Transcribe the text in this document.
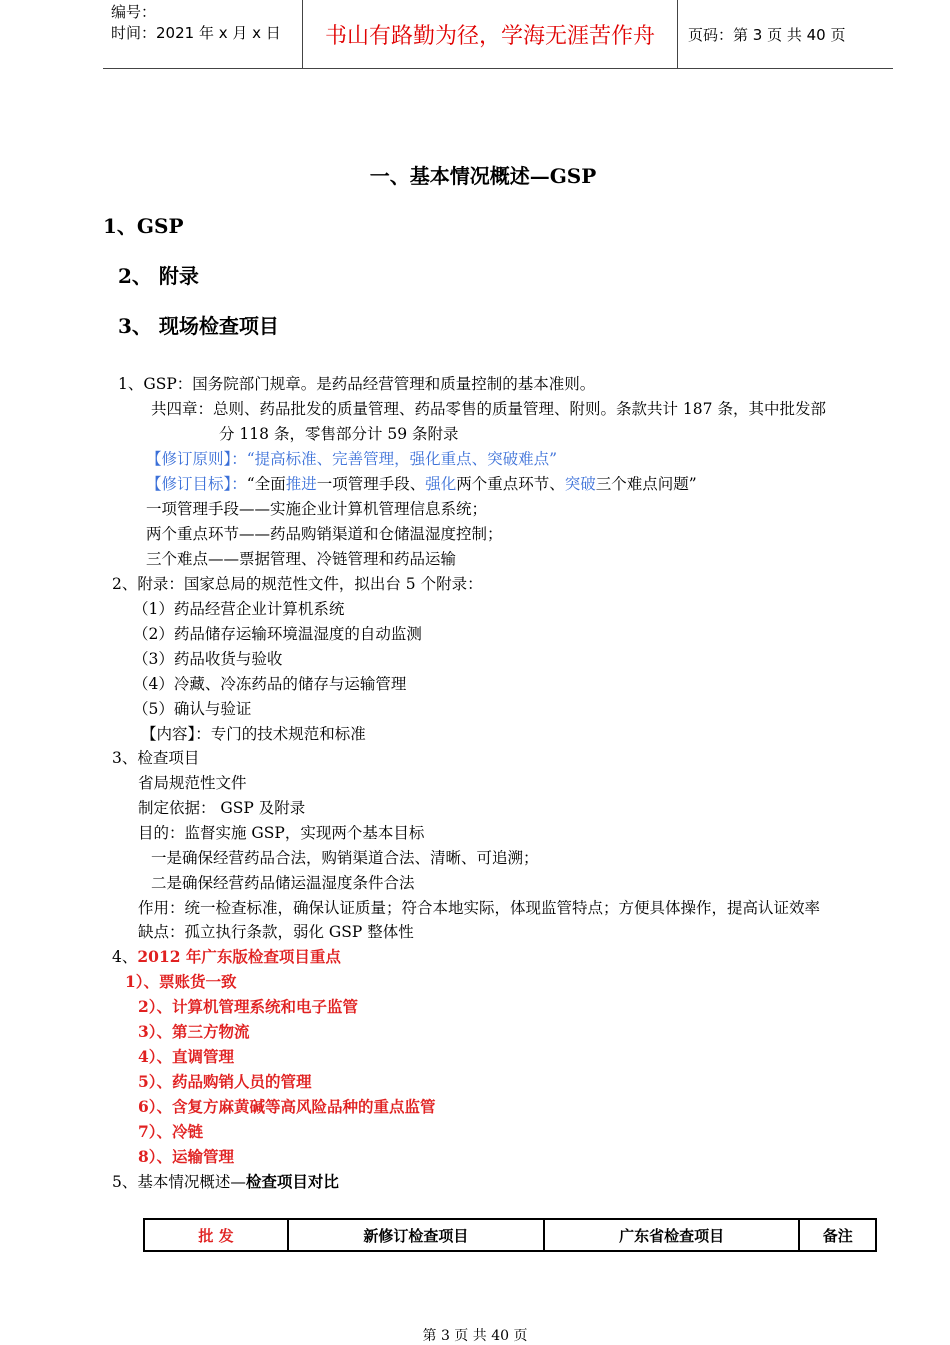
编号：
时间：2021 年 x 月 x 日	书山有路勤为径，学海无涯苦作舟	页码：第 3 页 共 40 页
一、基本情况概述—GSP
1、GSP
2、 附录
3、 现场检查项目
1、GSP：国务院部门规章。是药品经营管理和质量控制的基本准则。
共四章：总则、药品批发的质量管理、药品零售的质量管理、附则。条款共计 187 条，其中批发部
分 118 条，零售部分计 59 条附录
【修订原则】：“提高标准、完善管理，强化重点、突破难点”
【修订目标】：“全面推进一项管理手段、强化两个重点环节、突破三个难点问题”
一项管理手段——实施企业计算机管理信息系统；
两个重点环节——药品购销渠道和仓储温湿度控制；
三个难点——票据管理、冷链管理和药品运输
2、附录：国家总局的规范性文件，拟出台 5 个附录：
（1）药品经营企业计算机系统
（2）药品储存运输环境温湿度的自动监测
（3）药品收货与验收
（4）冷藏、冷冻药品的储存与运输管理
（5）确认与验证
【内容】：专门的技术规范和标准
3、检查项目
省局规范性文件
制定依据： GSP 及附录
目的：监督实施 GSP，实现两个基本目标
一是确保经营药品合法，购销渠道合法、清晰、可追溯；
二是确保经营药品储运温湿度条件合法
作用：统一检查标准，确保认证质量；符合本地实际，体现监管特点；方便具体操作，提高认证效率
缺点：孤立执行条款，弱化 GSP 整体性
4、2012 年广东版检查项目重点
1）、票账货一致
2）、计算机管理系统和电子监管
3）、第三方物流
4）、直调管理
5）、药品购销人员的管理
6）、含复方麻黄碱等高风险品种的重点监管
7）、冷链
8）、运输管理
5、基本情况概述—检查项目对比
批 发	新修订检查项目	广东省检查项目	备注
第 3 页 共 40 页
